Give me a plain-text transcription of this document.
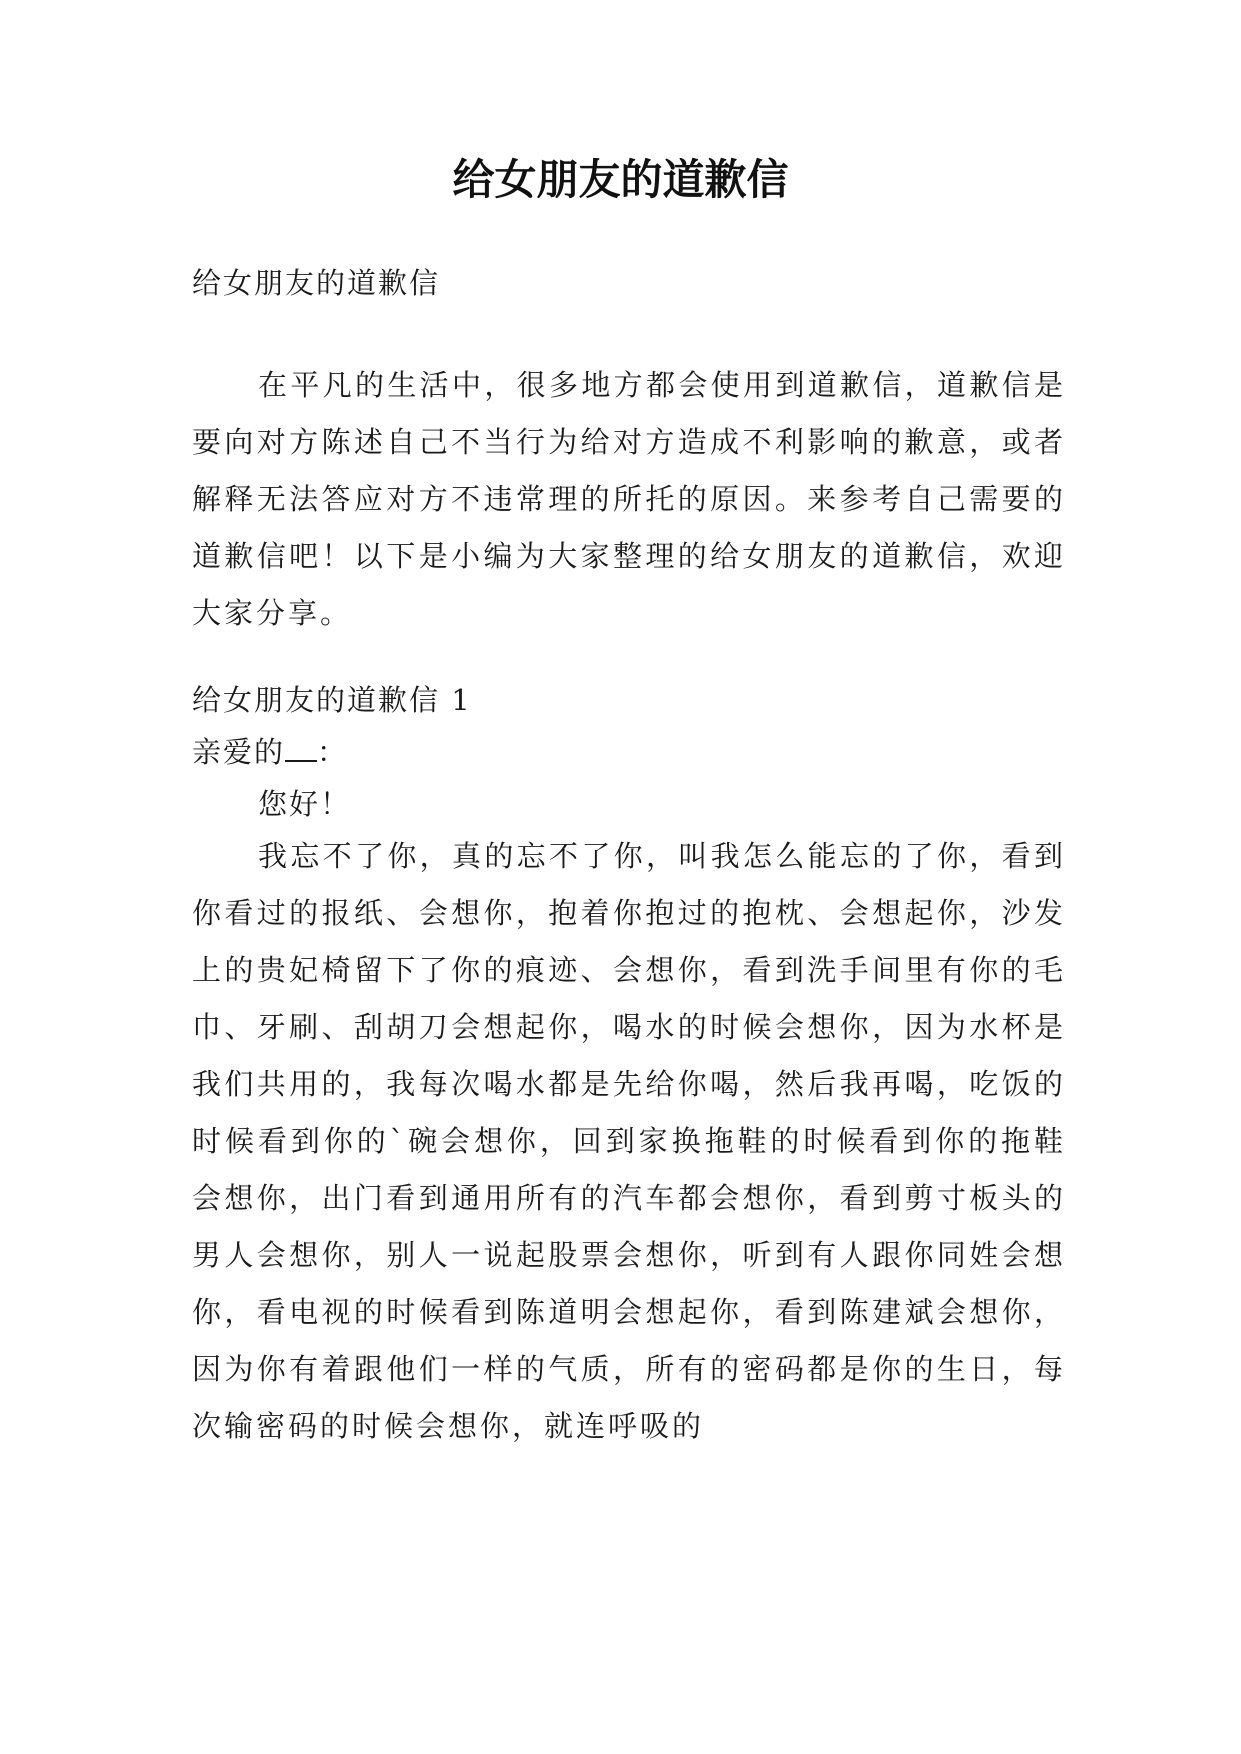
给女朋友的道歉信

给女朋友的道歉信

在平凡的生活中，很多地方都会使用到道歉信，道歉信是要向对方陈述自己不当行为给对方造成不利影响的歉意，或者解释无法答应对方不违常理的所托的原因。来参考自己需要的道歉信吧！以下是小编为大家整理的给女朋友的道歉信，欢迎大家分享。

给女朋友的道歉信 1

亲爱的 ：

您好！

我忘不了你，真的忘不了你，叫我怎么能忘的了你，看到你看过的报纸、会想你，抱着你抱过的抱枕、会想起你，沙发上的贵妃椅留下了你的痕迹、会想你，看到洗手间里有你的毛巾、牙刷、刮胡刀会想起你，喝水的时候会想你，因为水杯是我们共用的，我每次喝水都是先给你喝，然后我再喝，吃饭的时候看到你的`碗会想你，回到家换拖鞋的时候看到你的拖鞋会想你，出门看到通用所有的汽车都会想你，看到剪寸板头的男人会想你，别人一说起股票会想你，听到有人跟你同姓会想你，看电视的时候看到陈道明会想起你，看到陈建斌会想你，因为你有着跟他们一样的气质，所有的密码都是你的生日，每次输密码的时候会想你，就连呼吸的
